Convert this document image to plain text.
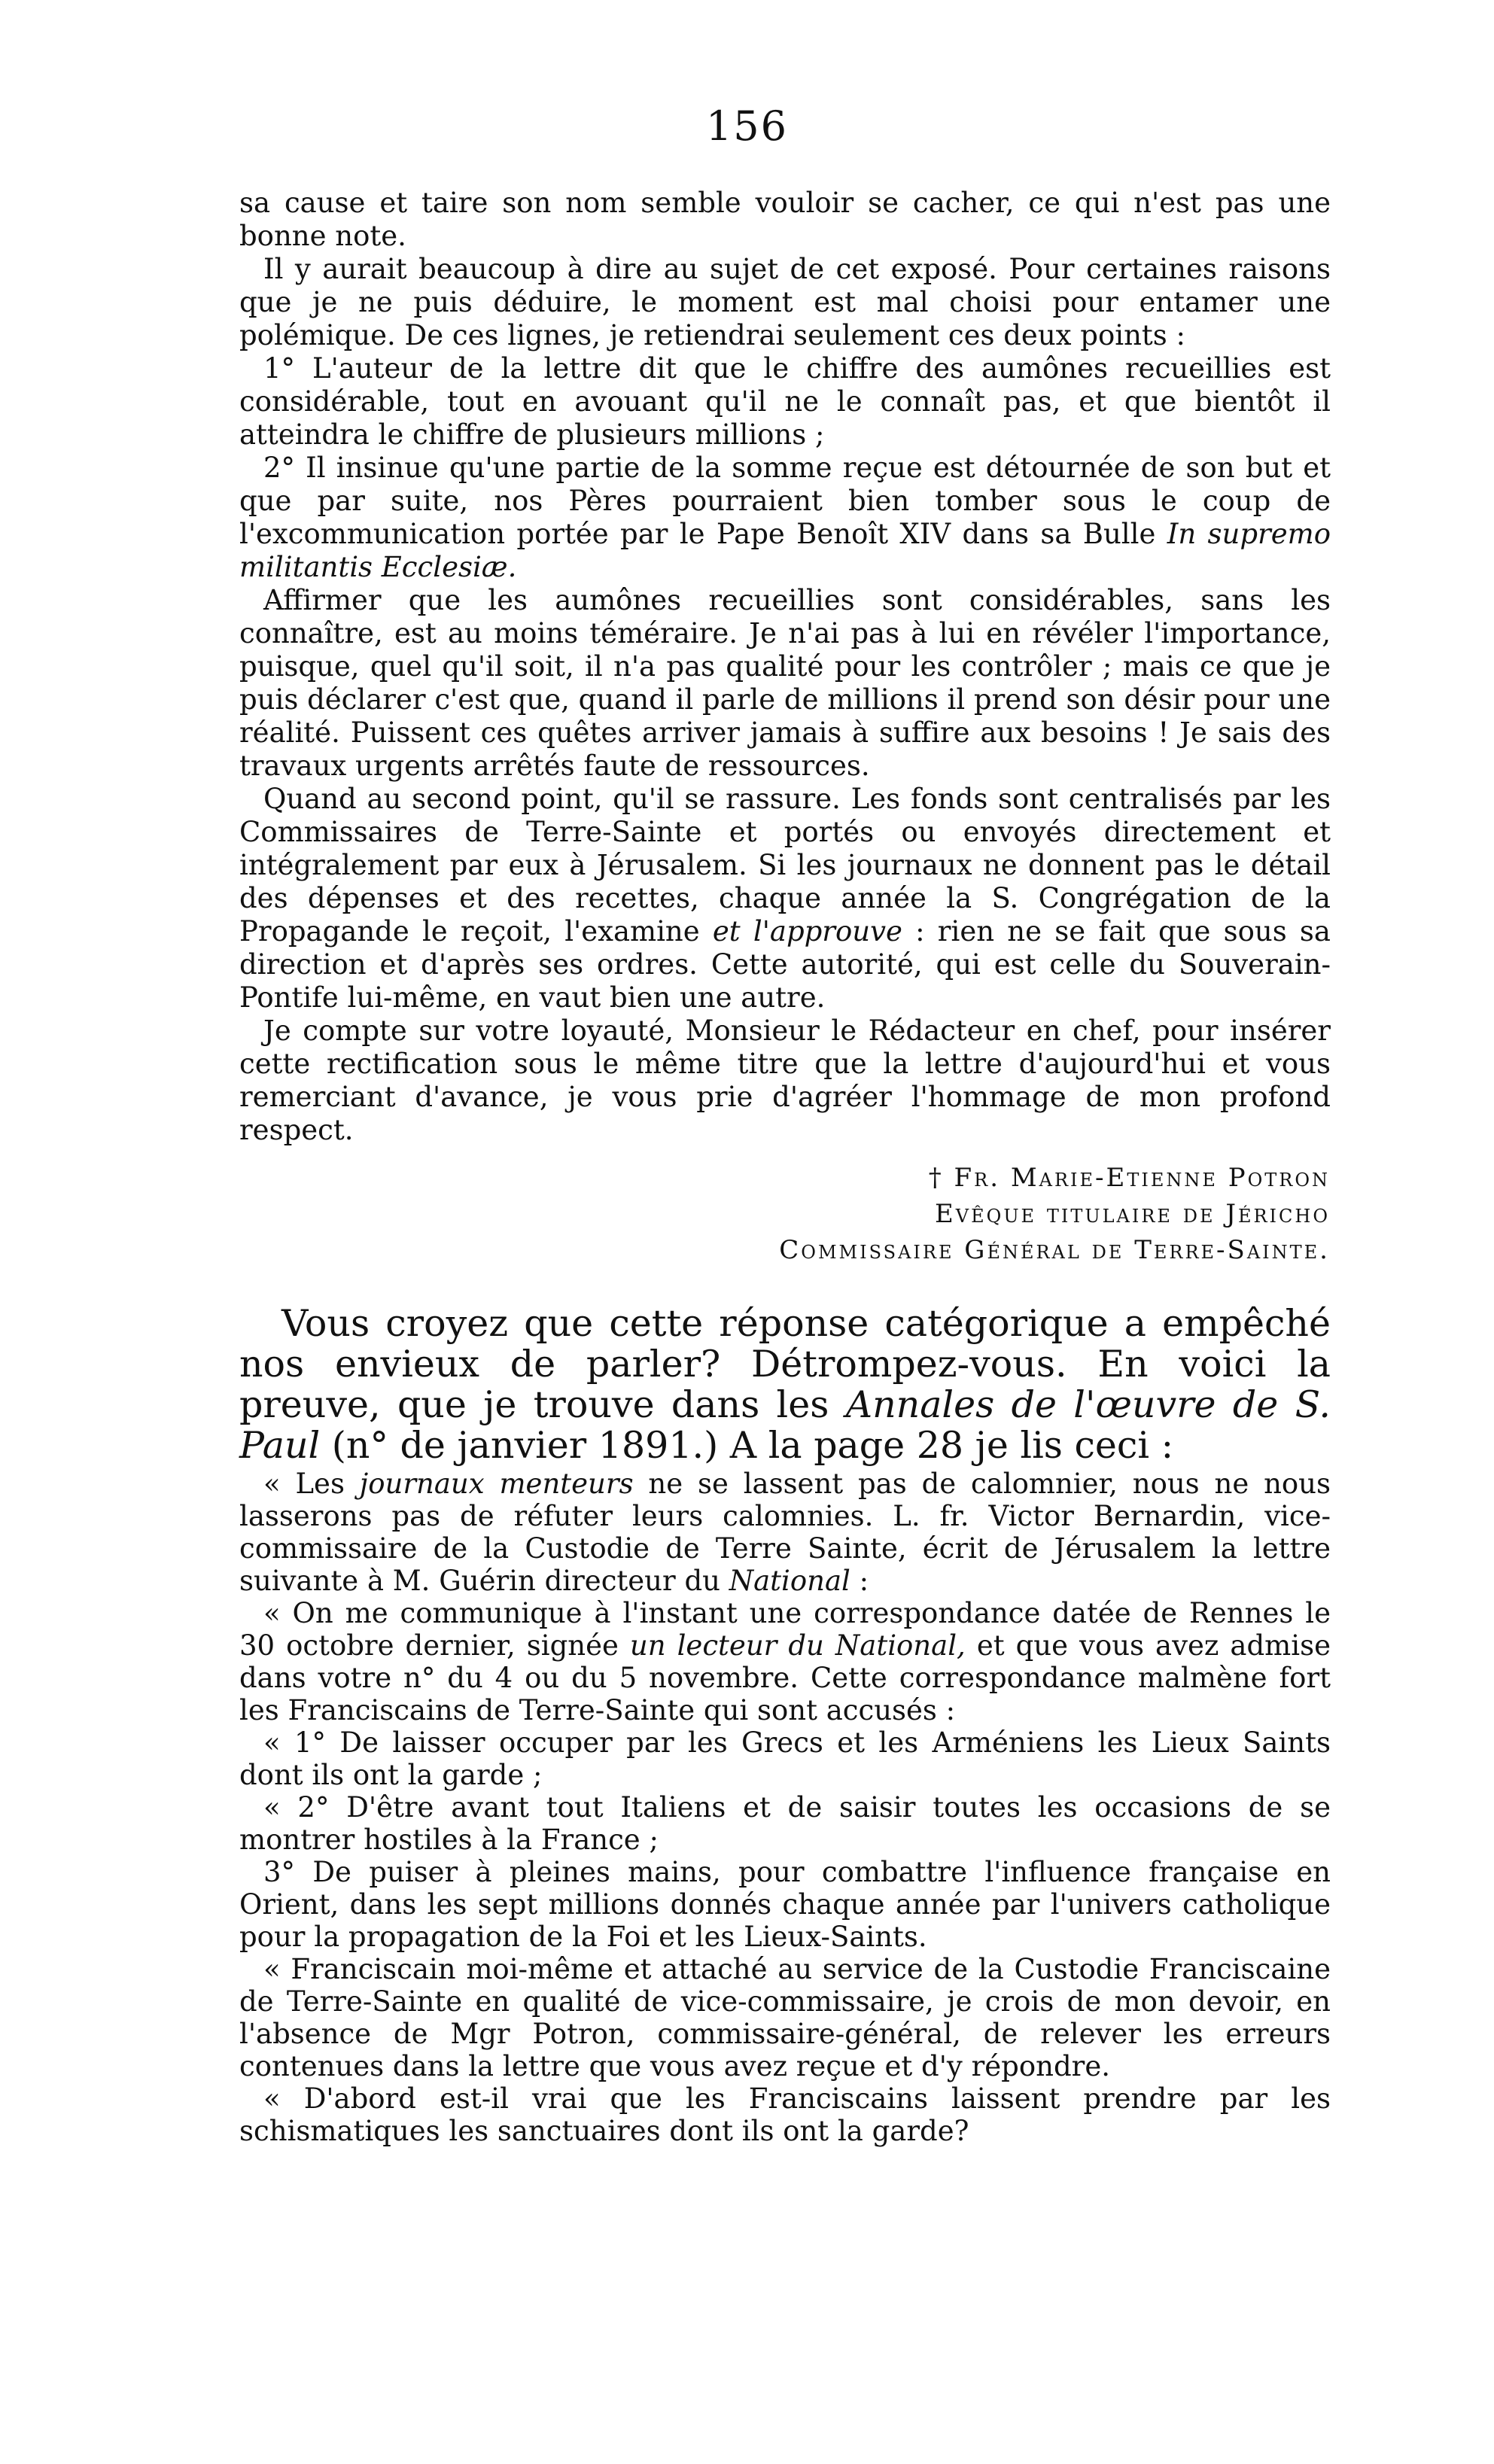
156

sa cause et taire son nom semble vouloir se cacher, ce qui n'est pas une bonne note.

Il y aurait beaucoup à dire au sujet de cet exposé. Pour certaines raisons que je ne puis déduire, le moment est mal choisi pour entamer une polémique. De ces lignes, je retiendrai seulement ces deux points :

1° L'auteur de la lettre dit que le chiffre des aumônes recueillies est considérable, tout en avouant qu'il ne le connaît pas, et que bientôt il atteindra le chiffre de plusieurs millions ;

2° Il insinue qu'une partie de la somme reçue est détournée de son but et que par suite, nos Pères pourraient bien tomber sous le coup de l'excommunication portée par le Pape Benoît XIV dans sa Bulle In supremo militantis Ecclesiæ.

Affirmer que les aumônes recueillies sont considérables, sans les connaître, est au moins téméraire. Je n'ai pas à lui en révéler l'importance, puisque, quel qu'il soit, il n'a pas qualité pour les contrôler ; mais ce que je puis déclarer c'est que, quand il parle de millions il prend son désir pour une réalité. Puissent ces quêtes arriver jamais à suffire aux besoins ! Je sais des travaux urgents arrêtés faute de ressources.

Quand au second point, qu'il se rassure. Les fonds sont centralisés par les Commissaires de Terre-Sainte et portés ou envoyés directement et intégralement par eux à Jérusalem. Si les journaux ne donnent pas le détail des dépenses et des recettes, chaque année la S. Congrégation de la Propagande le reçoit, l'examine et l'approuve : rien ne se fait que sous sa direction et d'après ses ordres. Cette autorité, qui est celle du Souverain-Pontife lui-même, en vaut bien une autre.

Je compte sur votre loyauté, Monsieur le Rédacteur en chef, pour insérer cette rectification sous le même titre que la lettre d'aujourd'hui et vous remerciant d'avance, je vous prie d'agréer l'hommage de mon profond respect.

† Fr. Marie-Etienne Potron
Evêque titulaire de Jéricho
Commissaire Général de Terre-Sainte.

Vous croyez que cette réponse catégorique a empêché nos envieux de parler? Détrompez-vous. En voici la preuve, que je trouve dans les Annales de l'œuvre de S. Paul (n° de janvier 1891.) A la page 28 je lis ceci :

« Les journaux menteurs ne se lassent pas de calomnier, nous ne nous lasserons pas de réfuter leurs calomnies. L. fr. Victor Bernardin, vice-commissaire de la Custodie de Terre Sainte, écrit de Jérusalem la lettre suivante à M. Guérin directeur du National :

« On me communique à l'instant une correspondance datée de Rennes le 30 octobre dernier, signée un lecteur du National, et que vous avez admise dans votre n° du 4 ou du 5 novembre. Cette correspondance malmène fort les Franciscains de Terre-Sainte qui sont accusés :

« 1° De laisser occuper par les Grecs et les Arméniens les Lieux Saints dont ils ont la garde ;

« 2° D'être avant tout Italiens et de saisir toutes les occasions de se montrer hostiles à la France ;

3° De puiser à pleines mains, pour combattre l'influence française en Orient, dans les sept millions donnés chaque année par l'univers catholique pour la propagation de la Foi et les Lieux-Saints.

« Franciscain moi-même et attaché au service de la Custodie Franciscaine de Terre-Sainte en qualité de vice-commissaire, je crois de mon devoir, en l'absence de Mgr Potron, commissaire-général, de relever les erreurs contenues dans la lettre que vous avez reçue et d'y répondre.

« D'abord est-il vrai que les Franciscains laissent prendre par les schismatiques les sanctuaires dont ils ont la garde?
